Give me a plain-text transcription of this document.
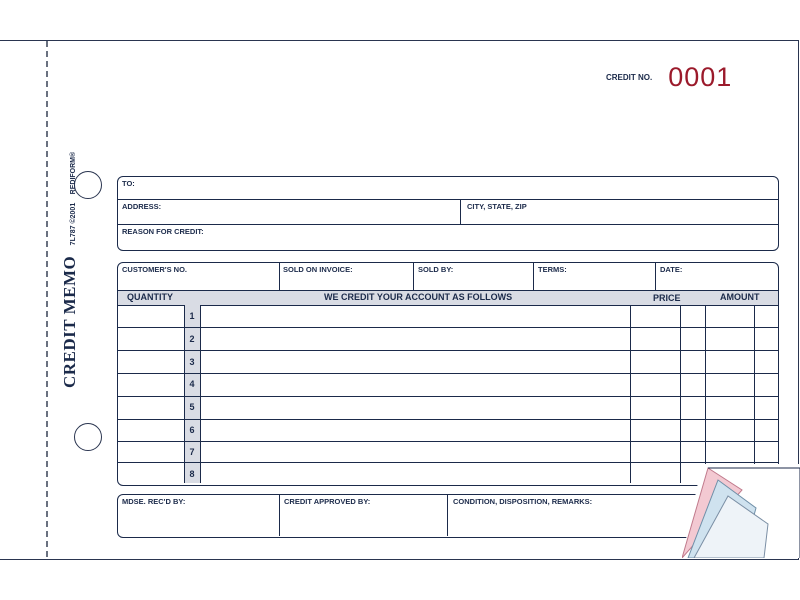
CREDIT MEMO 7L787 ©2001 REDIFORM®
CREDIT NO. 0001
TO:
ADDRESS:	CITY, STATE, ZIP
REASON FOR CREDIT:
CUSTOMER'S NO.	SOLD ON INVOICE:	SOLD BY:	TERMS:	DATE:
QUANTITY	WE CREDIT YOUR ACCOUNT AS FOLLOWS	PRICE	AMOUNT
1
2
3
4
5
6
7
8
MDSE. REC'D BY:	CREDIT APPROVED BY:	CONDITION, DISPOSITION, REMARKS:
